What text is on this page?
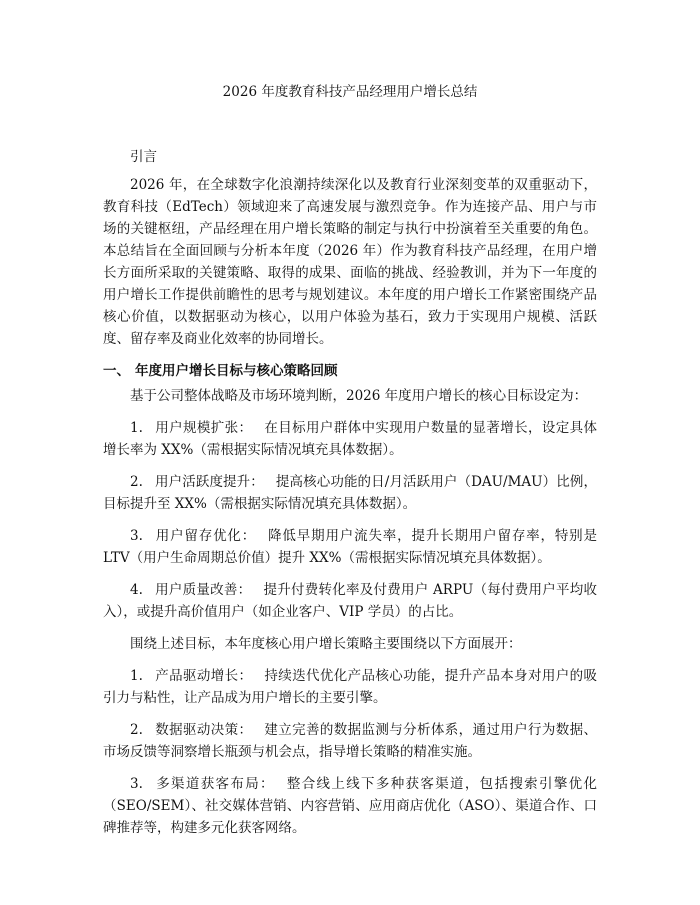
2026 年度教育科技产品经理用户增长总结

引言

2026 年，在全球数字化浪潮持续深化以及教育行业深刻变革的双重驱动下，教育科技（EdTech）领域迎来了高速发展与激烈竞争。作为连接产品、用户与市场的关键枢纽，产品经理在用户增长策略的制定与执行中扮演着至关重要的角色。本总结旨在全面回顾与分析本年度（2026 年）作为教育科技产品经理，在用户增长方面所采取的关键策略、取得的成果、面临的挑战、经验教训，并为下一年度的用户增长工作提供前瞻性的思考与规划建议。本年度的用户增长工作紧密围绕产品核心价值，以数据驱动为核心，以用户体验为基石，致力于实现用户规模、活跃度、留存率及商业化效率的协同增长。

一、 年度用户增长目标与核心策略回顾

基于公司整体战略及市场环境判断，2026 年度用户增长的核心目标设定为：

1. 用户规模扩张： 在目标用户群体中实现用户数量的显著增长，设定具体增长率为 XX%（需根据实际情况填充具体数据）。

2. 用户活跃度提升： 提高核心功能的日/月活跃用户（DAU/MAU）比例，目标提升至 XX%（需根据实际情况填充具体数据）。

3. 用户留存优化： 降低早期用户流失率，提升长期用户留存率，特别是 LTV（用户生命周期总价值）提升 XX%（需根据实际情况填充具体数据）。

4. 用户质量改善： 提升付费转化率及付费用户 ARPU（每付费用户平均收入），或提升高价值用户（如企业客户、VIP 学员）的占比。

围绕上述目标，本年度核心用户增长策略主要围绕以下方面展开：

1. 产品驱动增长： 持续迭代优化产品核心功能，提升产品本身对用户的吸引力与粘性，让产品成为用户增长的主要引擎。

2. 数据驱动决策： 建立完善的数据监测与分析体系，通过用户行为数据、市场反馈等洞察增长瓶颈与机会点，指导增长策略的精准实施。

3. 多渠道获客布局： 整合线上线下多种获客渠道，包括搜索引擎优化（SEO/SEM）、社交媒体营销、内容营销、应用商店优化（ASO）、渠道合作、口碑推荐等，构建多元化获客网络。
